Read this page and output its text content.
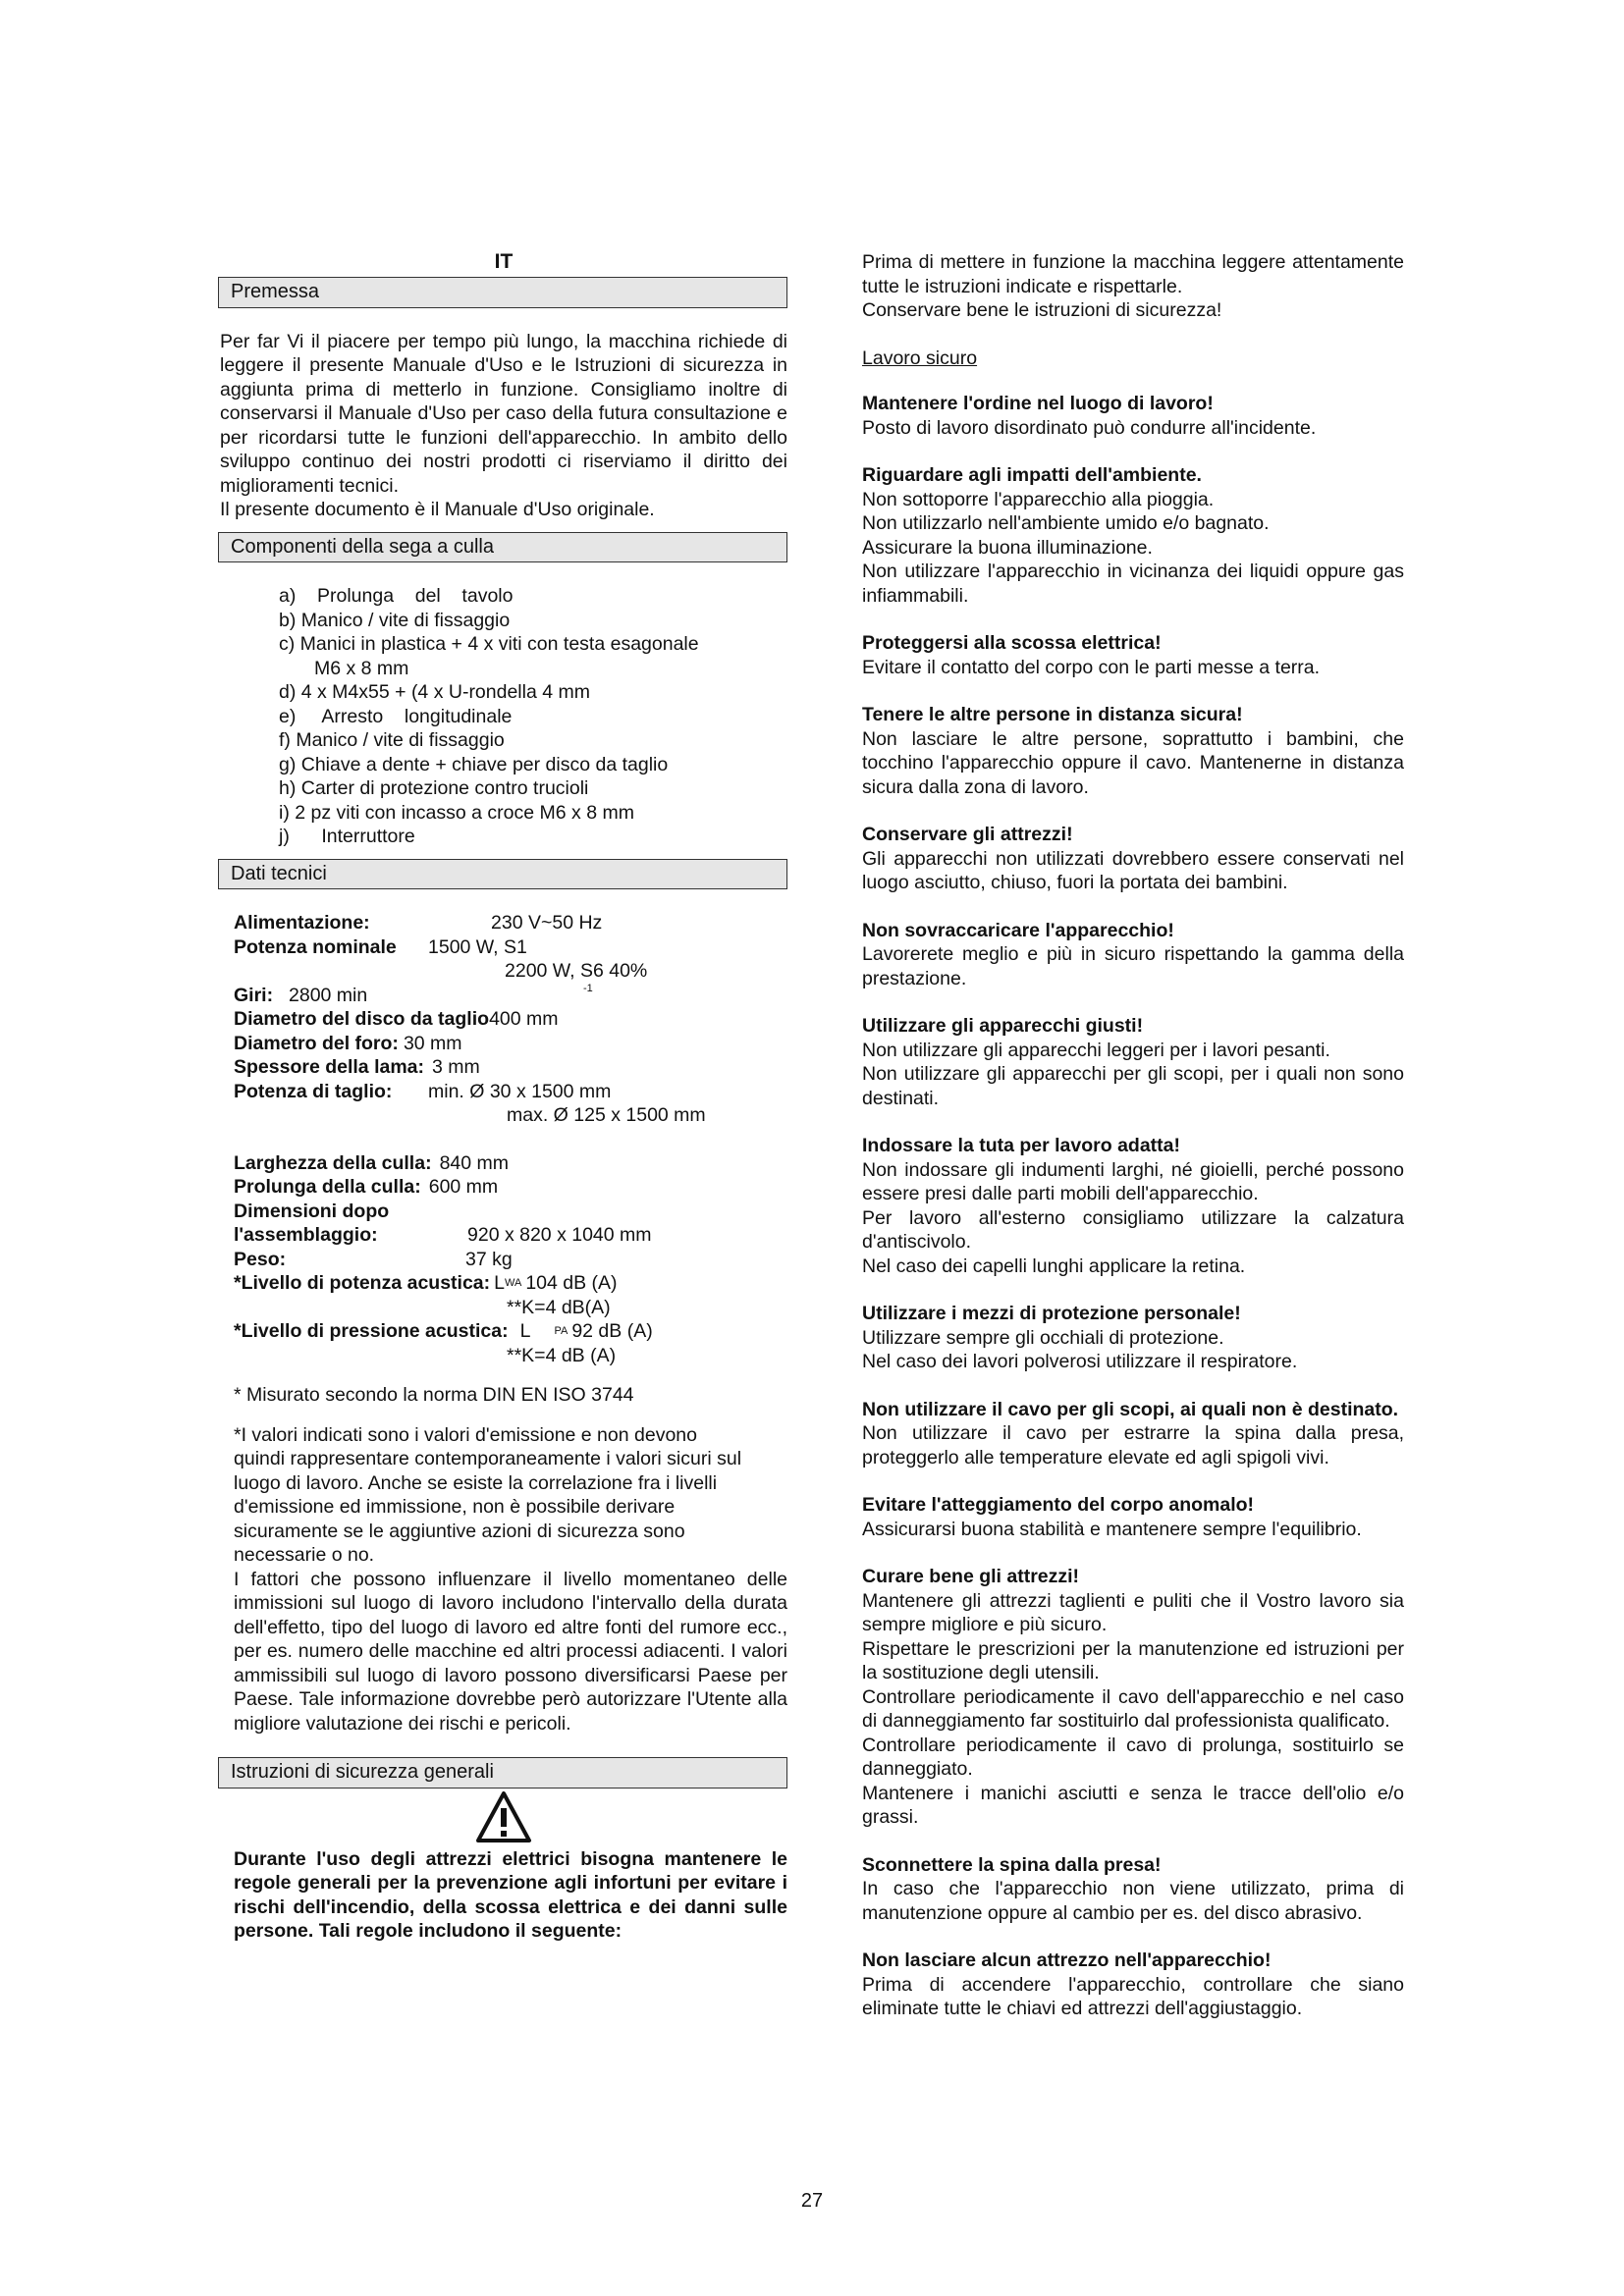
IT
Premessa

Per far Vi il piacere per tempo più lungo, la macchina richiede di leggere il presente Manuale d'Uso e le Istruzioni di sicurezza in aggiunta prima di metterlo in funzione. Consigliamo inoltre di conservarsi il Manuale d'Uso per caso della futura consultazione e per ricordarsi tutte le funzioni dell'apparecchio. In ambito dello sviluppo continuo dei nostri prodotti ci riserviamo il diritto dei miglioramenti tecnici.

Il presente documento è il Manuale d'Uso originale.

Componenti della sega a culla
a)    Prolunga    del    tavolo
b) Manico / vite di fissaggio
c) Manici in plastica + 4 x viti con testa esagonale
M6 x 8 mm
d) 4 x M4x55 + (4 x U-rondella 4 mm
e)     Arresto    longitudinale
f) Manico / vite di fissaggio
g) Chiave a dente + chiave per disco da taglio
h) Carter di protezione contro trucioli
i) 2 pz viti con incasso a croce M6 x 8 mm
j)      Interruttore
Dati tecnici
Alimentazione:	230 V~50 Hz
Potenza nominale	1500 W, S1
2200 W, S6 40%
Giri: 2800 min	-1
Diametro del disco da taglio 400 mm
Diametro del foro: 30 mm
Spessore della lama: 3 mm
Potenza di taglio:	min. Ø 30 x 1500 mm
max. Ø 125 x 1500 mm
Larghezza della culla: 840 mm
Prolunga della culla: 600 mm
Dimensioni dopo
l'assemblaggio:	920 x 820 x 1040 mm
Peso:	37 kg
*Livello di potenza acustica: L WA 104 dB (A)
**K=4 dB(A)
*Livello di pressione acustica: L PA 92 dB (A)
**K=4 dB (A)

* Misurato secondo la norma DIN EN ISO 3744

*I valori indicati sono i valori d'emissione e non devono quindi rappresentare contemporaneamente i valori sicuri sul luogo di lavoro. Anche se esiste la correlazione fra i livelli d'emissione ed immissione, non è possibile derivare sicuramente se le aggiuntive azioni di sicurezza sono necessarie o no.

I fattori che possono influenzare il livello momentaneo delle immissioni sul luogo di lavoro includono l'intervallo della durata dell'effetto, tipo del luogo di lavoro ed altre fonti del rumore ecc., per es. numero delle macchine ed altri processi adiacenti. I valori ammissibili sul luogo di lavoro possono diversificarsi Paese per Paese. Tale informazione dovrebbe però autorizzare l'Utente alla migliore valutazione dei rischi e pericoli.

Istruzioni di sicurezza generali

Durante l'uso degli attrezzi elettrici bisogna mantenere le regole generali per la prevenzione agli infortuni per evitare i rischi dell'incendio, della scossa elettrica e dei danni sulle persone. Tali regole includono il seguente:

Prima di mettere in funzione la macchina leggere attentamente tutte le istruzioni indicate e rispettarle.

Conservare bene le istruzioni di sicurezza!

Lavoro sicuro

Mantenere l'ordine nel luogo di lavoro!

Posto di lavoro disordinato può condurre all'incidente.

Riguardare agli impatti dell'ambiente.

Non sottoporre l'apparecchio alla pioggia.

Non utilizzarlo nell'ambiente umido e/o bagnato.

Assicurare la buona illuminazione.

Non utilizzare l'apparecchio in vicinanza dei liquidi oppure gas infiammabili.

Proteggersi alla scossa elettrica!

Evitare il contatto del corpo con le parti messe a terra.

Tenere le altre persone in distanza sicura!

Non lasciare le altre persone, soprattutto i bambini, che tocchino l'apparecchio oppure il cavo. Mantenerne in distanza sicura dalla zona di lavoro.

Conservare gli attrezzi!

Gli apparecchi non utilizzati dovrebbero essere conservati nel luogo asciutto, chiuso, fuori la portata dei bambini.

Non sovraccaricare l'apparecchio!

Lavorerete meglio e più in sicuro rispettando la gamma della prestazione.

Utilizzare gli apparecchi giusti!

Non utilizzare gli apparecchi leggeri per i lavori pesanti.

Non utilizzare gli apparecchi per gli scopi, per i quali non sono destinati.

Indossare la tuta per lavoro adatta!

Non indossare gli indumenti larghi, né gioielli, perché possono essere presi dalle parti mobili dell'apparecchio.

Per lavoro all'esterno consigliamo utilizzare la calzatura d'antiscivolo.

Nel caso dei capelli lunghi applicare la retina.

Utilizzare i mezzi di protezione personale!

Utilizzare sempre gli occhiali di protezione.

Nel caso dei lavori polverosi utilizzare il respiratore.

Non utilizzare il cavo per gli scopi, ai quali non è destinato.

Non utilizzare il cavo per estrarre la spina dalla presa, proteggerlo alle temperature elevate ed agli spigoli vivi.

Evitare l'atteggiamento del corpo anomalo!

Assicurarsi buona stabilità e mantenere sempre l'equilibrio.

Curare bene gli attrezzi!

Mantenere gli attrezzi taglienti e puliti che il Vostro lavoro sia sempre migliore e più sicuro.

Rispettare le prescrizioni per la manutenzione ed istruzioni per la sostituzione degli utensili.

Controllare periodicamente il cavo dell'apparecchio e nel caso di danneggiamento far sostituirlo dal professionista qualificato.

Controllare periodicamente il cavo di prolunga, sostituirlo se danneggiato.

Mantenere i manichi asciutti e senza le tracce dell'olio e/o grassi.

Sconnettere la spina dalla presa!

In caso che l'apparecchio non viene utilizzato, prima di manutenzione oppure al cambio per es. del disco abrasivo.

Non lasciare alcun attrezzo nell'apparecchio!

Prima di accendere l'apparecchio, controllare che siano eliminate tutte le chiavi ed attrezzi dell'aggiustaggio.

27
